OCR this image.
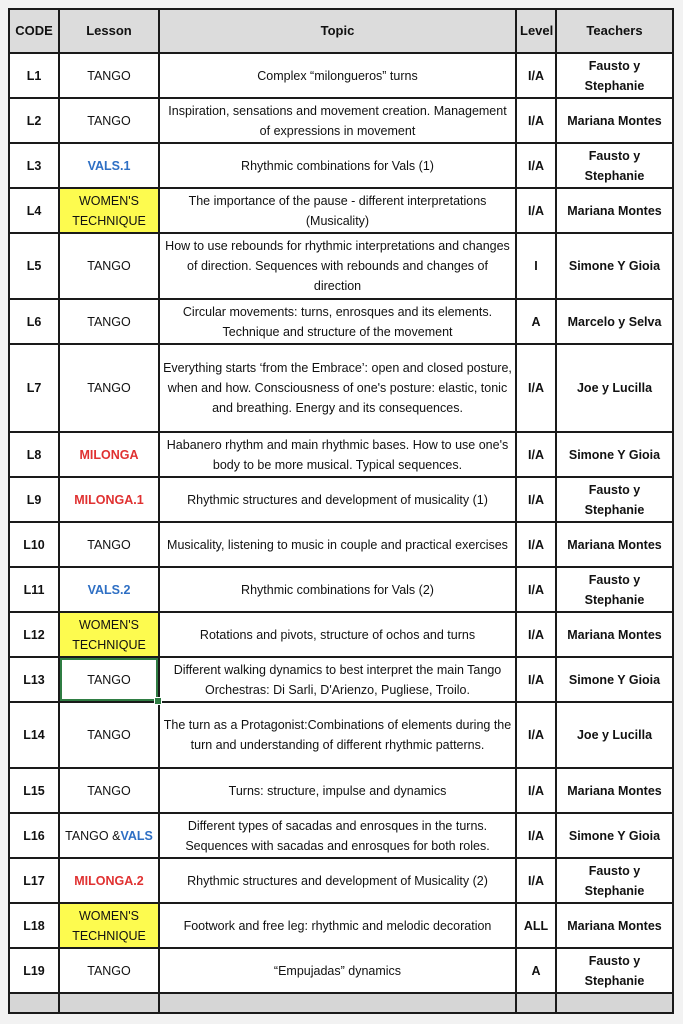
CODE	Lesson	Topic	Level	Teachers
L1	TANGO	Complex “milongueros” turns	I/A	Fausto y Stephanie
L2	TANGO	Inspiration, sensations and movement creation. Management of expressions in movement	I/A	Mariana Montes
L3	VALS.1	Rhythmic combinations for Vals (1)	I/A	Fausto y Stephanie
L4	WOMEN'S TECHNIQUE	The importance of the pause - different interpretations (Musicality)	I/A	Mariana Montes
L5	TANGO	How to use rebounds for rhythmic interpretations and changes of direction. Sequences with rebounds and changes of direction	I	Simone Y Gioia
L6	TANGO	Circular movements: turns, enrosques and its elements. Technique and structure of the movement	A	Marcelo y Selva
L7	TANGO	Everything starts ‘from the Embrace’: open and closed posture, when and how. Consciousness of one's posture: elastic, tonic and breathing. Energy and its consequences.	I/A	Joe y Lucilla
L8	MILONGA	Habanero rhythm and main rhythmic bases. How to use one's body to be more musical. Typical sequences.	I/A	Simone Y Gioia
L9	MILONGA.1	Rhythmic structures and development of musicality (1)	I/A	Fausto y Stephanie
L10	TANGO	Musicality, listening to music in couple and practical exercises	I/A	Mariana Montes
L11	VALS.2	Rhythmic combinations for Vals (2)	I/A	Fausto y Stephanie
L12	WOMEN'S TECHNIQUE	Rotations and pivots, structure of ochos and turns	I/A	Mariana Montes
L13	TANGO	Different walking dynamics to best interpret the main Tango Orchestras: Di Sarli, D'Arienzo, Pugliese, Troilo.	I/A	Simone Y Gioia
L14	TANGO	The turn as a Protagonist:Combinations of elements during the turn and understanding of different rhythmic patterns.	I/A	Joe y Lucilla
L15	TANGO	Turns: structure, impulse and dynamics	I/A	Mariana Montes
L16	TANGO &VALS	Different types of sacadas and enrosques in the turns. Sequences with sacadas and enrosques for both roles.	I/A	Simone Y Gioia
L17	MILONGA.2	Rhythmic structures and development of Musicality (2)	I/A	Fausto y Stephanie
L18	WOMEN'S TECHNIQUE	Footwork and free leg: rhythmic and melodic decoration	ALL	Mariana Montes
L19	TANGO	“Empujadas” dynamics	A	Fausto y Stephanie
